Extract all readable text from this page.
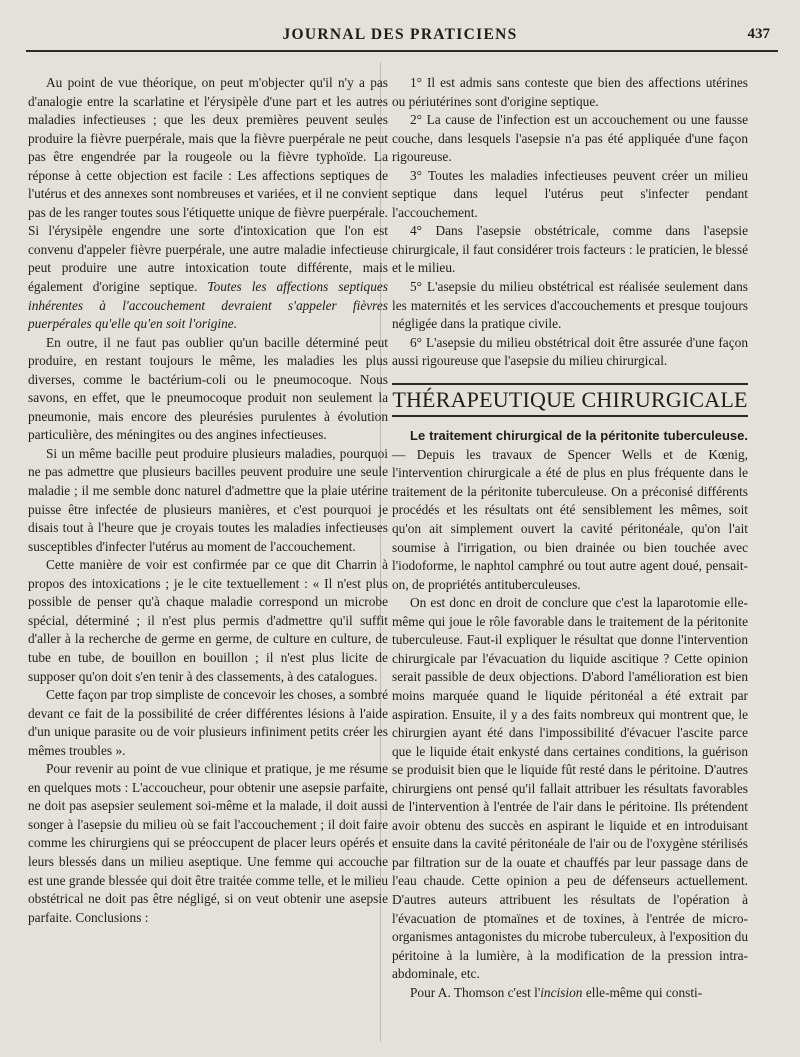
JOURNAL DES PRATICIENS	437

Au point de vue théorique, on peut m'objecter qu'il n'y a pas d'analogie entre la scarlatine et l'érysipèle d'une part et les autres maladies infectieuses ; que les deux premières peuvent seules produire la fièvre puerpérale, mais que la fièvre puerpérale ne peut pas être engendrée par la rougeole ou la fièvre typhoïde. La réponse à cette objection est facile : Les affections septiques de l'utérus et des annexes sont nombreuses et variées, et il ne convient pas de les ranger toutes sous l'étiquette unique de fièvre puerpérale. Si l'érysipèle engendre une sorte d'intoxication que l'on est convenu d'appeler fièvre puerpérale, une autre maladie infectieuse peut produire une autre intoxication toute différente, mais également d'origine septique. Toutes les affections septiques inhérentes à l'accouchement devraient s'appeler fièvres puerpérales qu'elle qu'en soit l'origine.

En outre, il ne faut pas oublier qu'un bacille déterminé peut produire, en restant toujours le même, les maladies les plus diverses, comme le bactérium-coli ou le pneumocoque. Nous savons, en effet, que le pneumocoque produit non seulement la pneumonie, mais encore des pleurésies purulentes à évolution particulière, des méningites ou des angines infectieuses.

Si un même bacille peut produire plusieurs maladies, pourquoi ne pas admettre que plusieurs bacilles peuvent produire une seule maladie ; il me semble donc naturel d'admettre que la plaie utérine puisse être infectée de plusieurs manières, et c'est pourquoi je disais tout à l'heure que je croyais toutes les maladies infectieuses susceptibles d'infecter l'utérus au moment de l'accouchement.

Cette manière de voir est confirmée par ce que dit Charrin à propos des intoxications ; je le cite textuellement : « Il n'est plus possible de penser qu'à chaque maladie correspond un microbe spécial, déterminé ; il n'est plus permis d'admettre qu'il suffit d'aller à la recherche de germe en germe, de culture en culture, de tube en tube, de bouillon en bouillon ; il n'est plus licite de supposer qu'on doit s'en tenir à des classements, à des catalogues.

Cette façon par trop simpliste de concevoir les choses, a sombré devant ce fait de la possibilité de créer différentes lésions à l'aide d'un unique parasite ou de voir plusieurs infiniment petits créer les mêmes troubles ».

Pour revenir au point de vue clinique et pratique, je me résume en quelques mots : L'accoucheur, pour obtenir une asepsie parfaite, ne doit pas asepsier seulement soi-même et la malade, il doit aussi songer à l'asepsie du milieu où se fait l'accouchement ; il doit faire comme les chirurgiens qui se préoccupent de placer leurs opérés et leurs blessés dans un milieu aseptique. Une femme qui accouche est une grande blessée qui doit être traitée comme telle, et le milieu obstétrical ne doit pas être négligé, si on veut obtenir une asepsie parfaite. Conclusions :

1° Il est admis sans conteste que bien des affections utérines ou périutérines sont d'origine septique.

2° La cause de l'infection est un accouchement ou une fausse couche, dans lesquels l'asepsie n'a pas été appliquée d'une façon rigoureuse.

3° Toutes les maladies infectieuses peuvent créer un milieu septique dans lequel l'utérus peut s'infecter pendant l'accouchement.

4° Dans l'asepsie obstétricale, comme dans l'asepsie chirurgicale, il faut considérer trois facteurs : le praticien, le blessé et le milieu.

5° L'asepsie du milieu obstétrical est réalisée seulement dans les maternités et les services d'accouchements et presque toujours négligée dans la pratique civile.

6° L'asepsie du milieu obstétrical doit être assurée d'une façon aussi rigoureuse que l'asepsie du milieu chirurgical.

THÉRAPEUTIQUE CHIRURGICALE

Le traitement chirurgical de la péritonite tuberculeuse. — Depuis les travaux de Spencer Wells et de Kœnig, l'intervention chirurgicale a été de plus en plus fréquente dans le traitement de la péritonite tuberculeuse. On a préconisé différents procédés et les résultats ont été sensiblement les mêmes, soit qu'on ait simplement ouvert la cavité péritonéale, qu'on l'ait soumise à l'irrigation, ou bien drainée ou bien touchée avec l'iodoforme, le naphtol camphré ou tout autre agent doué, pensait-on, de propriétés antituberculeuses.

On est donc en droit de conclure que c'est la laparotomie elle-même qui joue le rôle favorable dans le traitement de la péritonite tuberculeuse. Faut-il expliquer le résultat que donne l'intervention chirurgicale par l'évacuation du liquide ascitique ? Cette opinion serait passible de deux objections. D'abord l'amélioration est bien moins marquée quand le liquide péritonéal a été extrait par aspiration. Ensuite, il y a des faits nombreux qui montrent que, le chirurgien ayant été dans l'impossibilité d'évacuer l'ascite parce que le liquide était enkysté dans certaines conditions, la guérison se produisit bien que le liquide fût resté dans le péritoine. D'autres chirurgiens ont pensé qu'il fallait attribuer les résultats favorables de l'intervention à l'entrée de l'air dans le péritoine. Ils prétendent avoir obtenu des succès en aspirant le liquide et en introduisant ensuite dans la cavité péritonéale de l'air ou de l'oxygène stérilisés par filtration sur de la ouate et chauffés par leur passage dans de l'eau chaude. Cette opinion a peu de défenseurs actuellement. D'autres auteurs attribuent les résultats de l'opération à l'évacuation de ptomaïnes et de toxines, à l'entrée de micro-organismes antagonistes du microbe tuberculeux, à l'exposition du péritoine à la lumière, à la modification de la pression intra-abdominale, etc.

Pour A. Thomson c'est l'incision elle-même qui consti-
